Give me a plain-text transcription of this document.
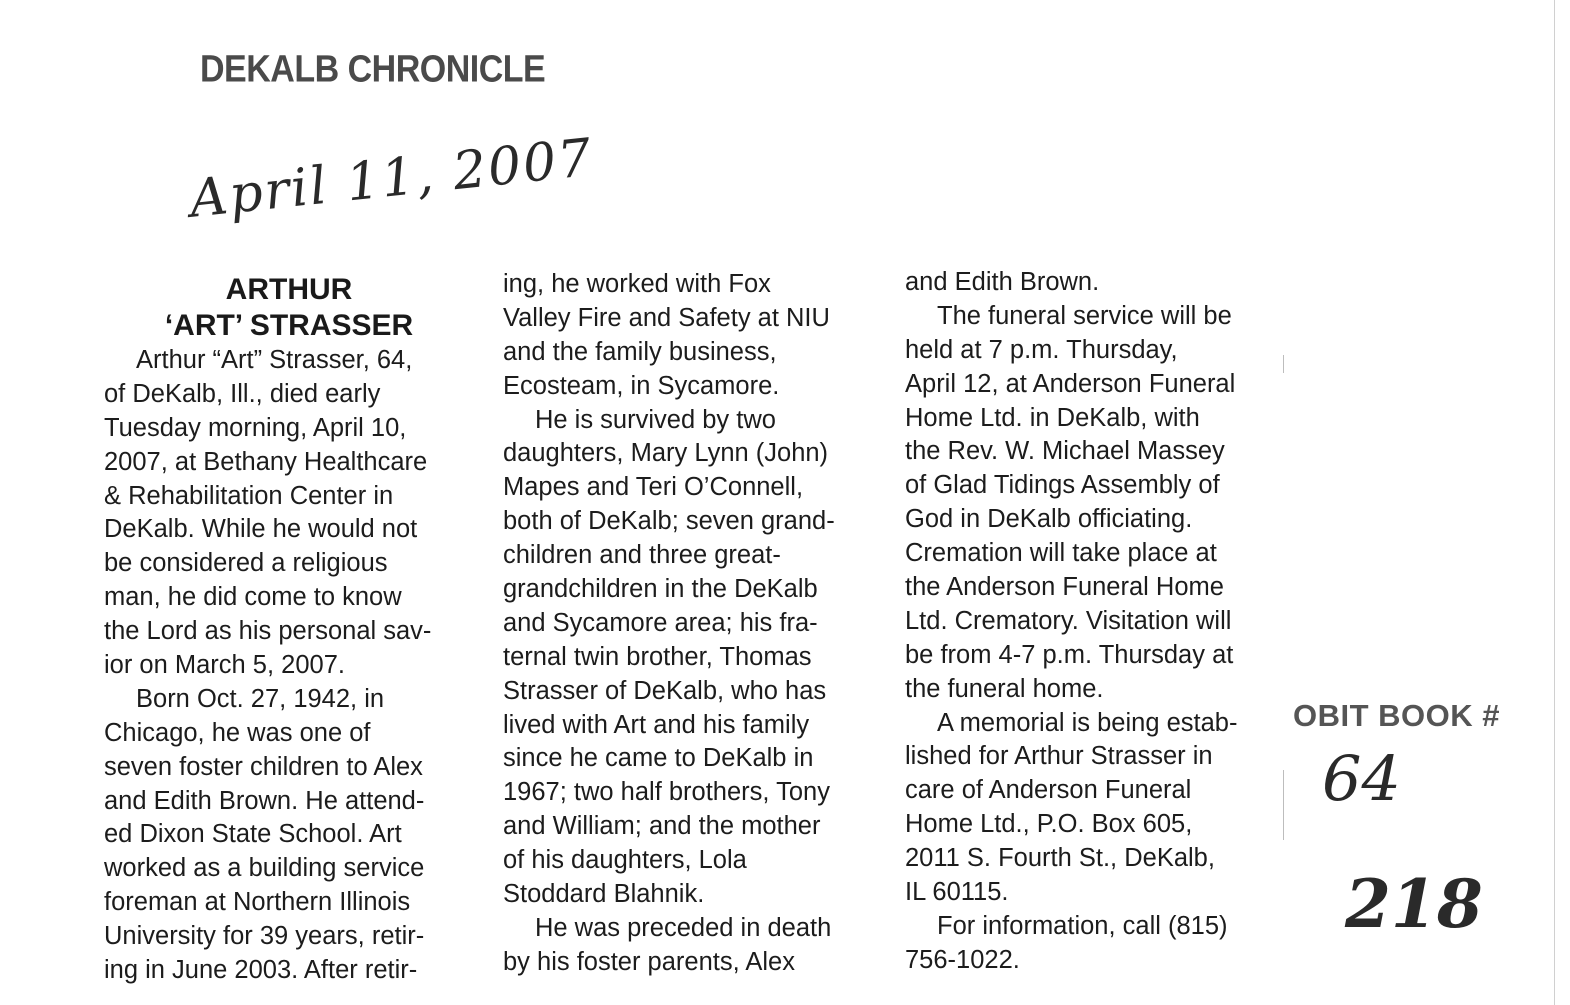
DEKALB CHRONICLE
April 11, 2007
ARTHUR
‘ART’ STRASSER
Arthur “Art” Strasser, 64,
of DeKalb, Ill., died early
Tuesday morning, April 10,
2007, at Bethany Healthcare
& Rehabilitation Center in
DeKalb. While he would not
be considered a religious
man, he did come to know
the Lord as his personal sav-
ior on March 5, 2007.
Born Oct. 27, 1942, in
Chicago, he was one of
seven foster children to Alex
and Edith Brown. He attend-
ed Dixon State School. Art
worked as a building service
foreman at Northern Illinois
University for 39 years, retir-
ing in June 2003. After retir-
ing, he worked with Fox
Valley Fire and Safety at NIU
and the family business,
Ecosteam, in Sycamore.
He is survived by two
daughters, Mary Lynn (John)
Mapes and Teri O’Connell,
both of DeKalb; seven grand-
children and three great-
grandchildren in the DeKalb
and Sycamore area; his fra-
ternal twin brother, Thomas
Strasser of DeKalb, who has
lived with Art and his family
since he came to DeKalb in
1967; two half brothers, Tony
and William; and the mother
of his daughters, Lola
Stoddard Blahnik.
He was preceded in death
by his foster parents, Alex
and Edith Brown.
The funeral service will be
held at 7 p.m. Thursday,
April 12, at Anderson Funeral
Home Ltd. in DeKalb, with
the Rev. W. Michael Massey
of Glad Tidings Assembly of
God in DeKalb officiating.
Cremation will take place at
the Anderson Funeral Home
Ltd. Crematory. Visitation will
be from 4-7 p.m. Thursday at
the funeral home.
A memorial is being estab-
lished for Arthur Strasser in
care of Anderson Funeral
Home Ltd., P.O. Box 605,
2011 S. Fourth St., DeKalb,
IL 60115.
For information, call (815)
756-1022.
OBIT BOOK #
64
218
